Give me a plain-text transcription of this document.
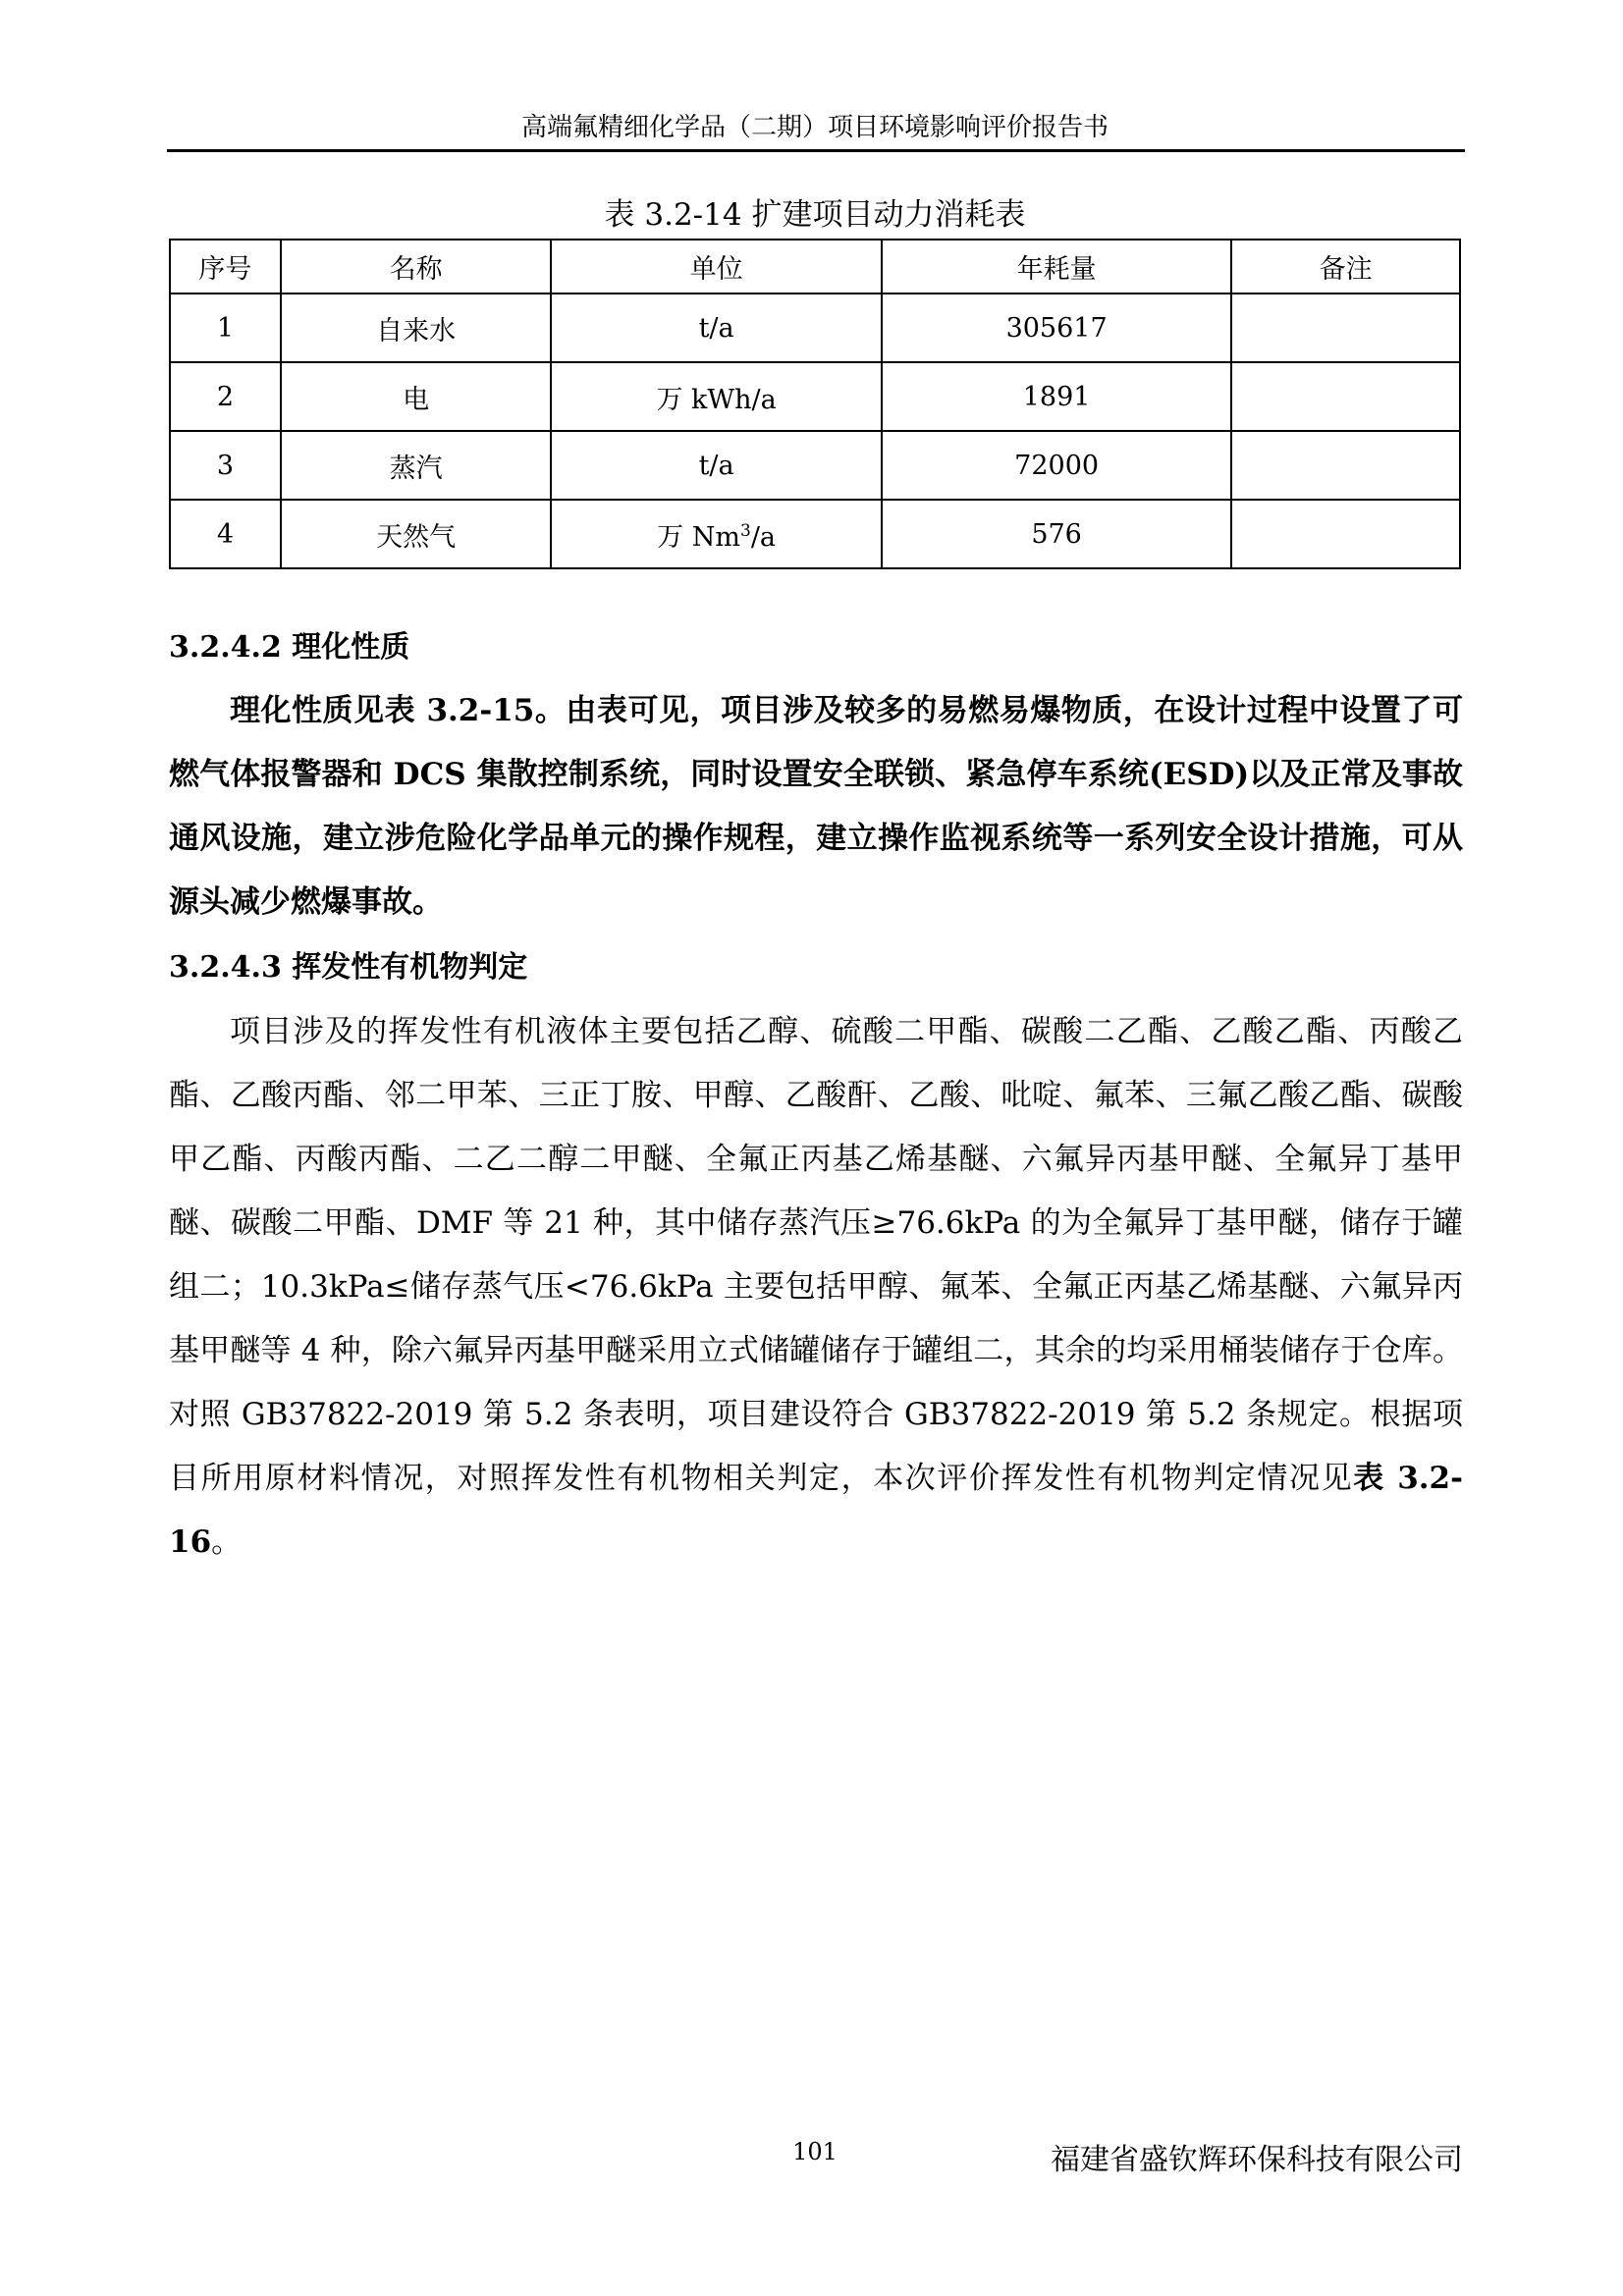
高端氟精细化学品（二期）项目环境影响评价报告书
表 3.2-14 扩建项目动力消耗表
序号	名称	单位	年耗量	备注
1	自来水	t/a	305617	
2	电	万 kWh/a	1891	
3	蒸汽	t/a	72000	
4	天然气	万 Nm$^3$/a	576	
3.2.4.2 理化性质

理化性质见表 3.2-15。由表可见，项目涉及较多的易燃易爆物质，在设计过程中设置了可燃气体报警器和 DCS 集散控制系统，同时设置安全联锁、紧急停车系统(ESD)以及正常及事故通风设施，建立涉危险化学品单元的操作规程，建立操作监视系统等一系列安全设计措施，可从源头减少燃爆事故。

3.2.4.3 挥发性有机物判定

项目涉及的挥发性有机液体主要包括乙醇、硫酸二甲酯、碳酸二乙酯、乙酸乙酯、丙酸乙酯、乙酸丙酯、邻二甲苯、三正丁胺、甲醇、乙酸酐、乙酸、吡啶、氟苯、三氟乙酸乙酯、碳酸甲乙酯、丙酸丙酯、二乙二醇二甲醚、全氟正丙基乙烯基醚、六氟异丙基甲醚、全氟异丁基甲醚、碳酸二甲酯、DMF 等 21 种，其中储存蒸汽压≥76.6kPa 的为全氟异丁基甲醚，储存于罐组二；10.3kPa≤储存蒸气压<76.6kPa 主要包括甲醇、氟苯、全氟正丙基乙烯基醚、六氟异丙基甲醚等 4 种，除六氟异丙基甲醚采用立式储罐储存于罐组二，其余的均采用桶装储存于仓库。对照 GB37822-2019 第 5.2 条表明，项目建设符合 GB37822-2019 第 5.2 条规定。根据项目所用原材料情况，对照挥发性有机物相关判定，本次评价挥发性有机物判定情况见表 3.2-16。

101	福建省盛钦辉环保科技有限公司
